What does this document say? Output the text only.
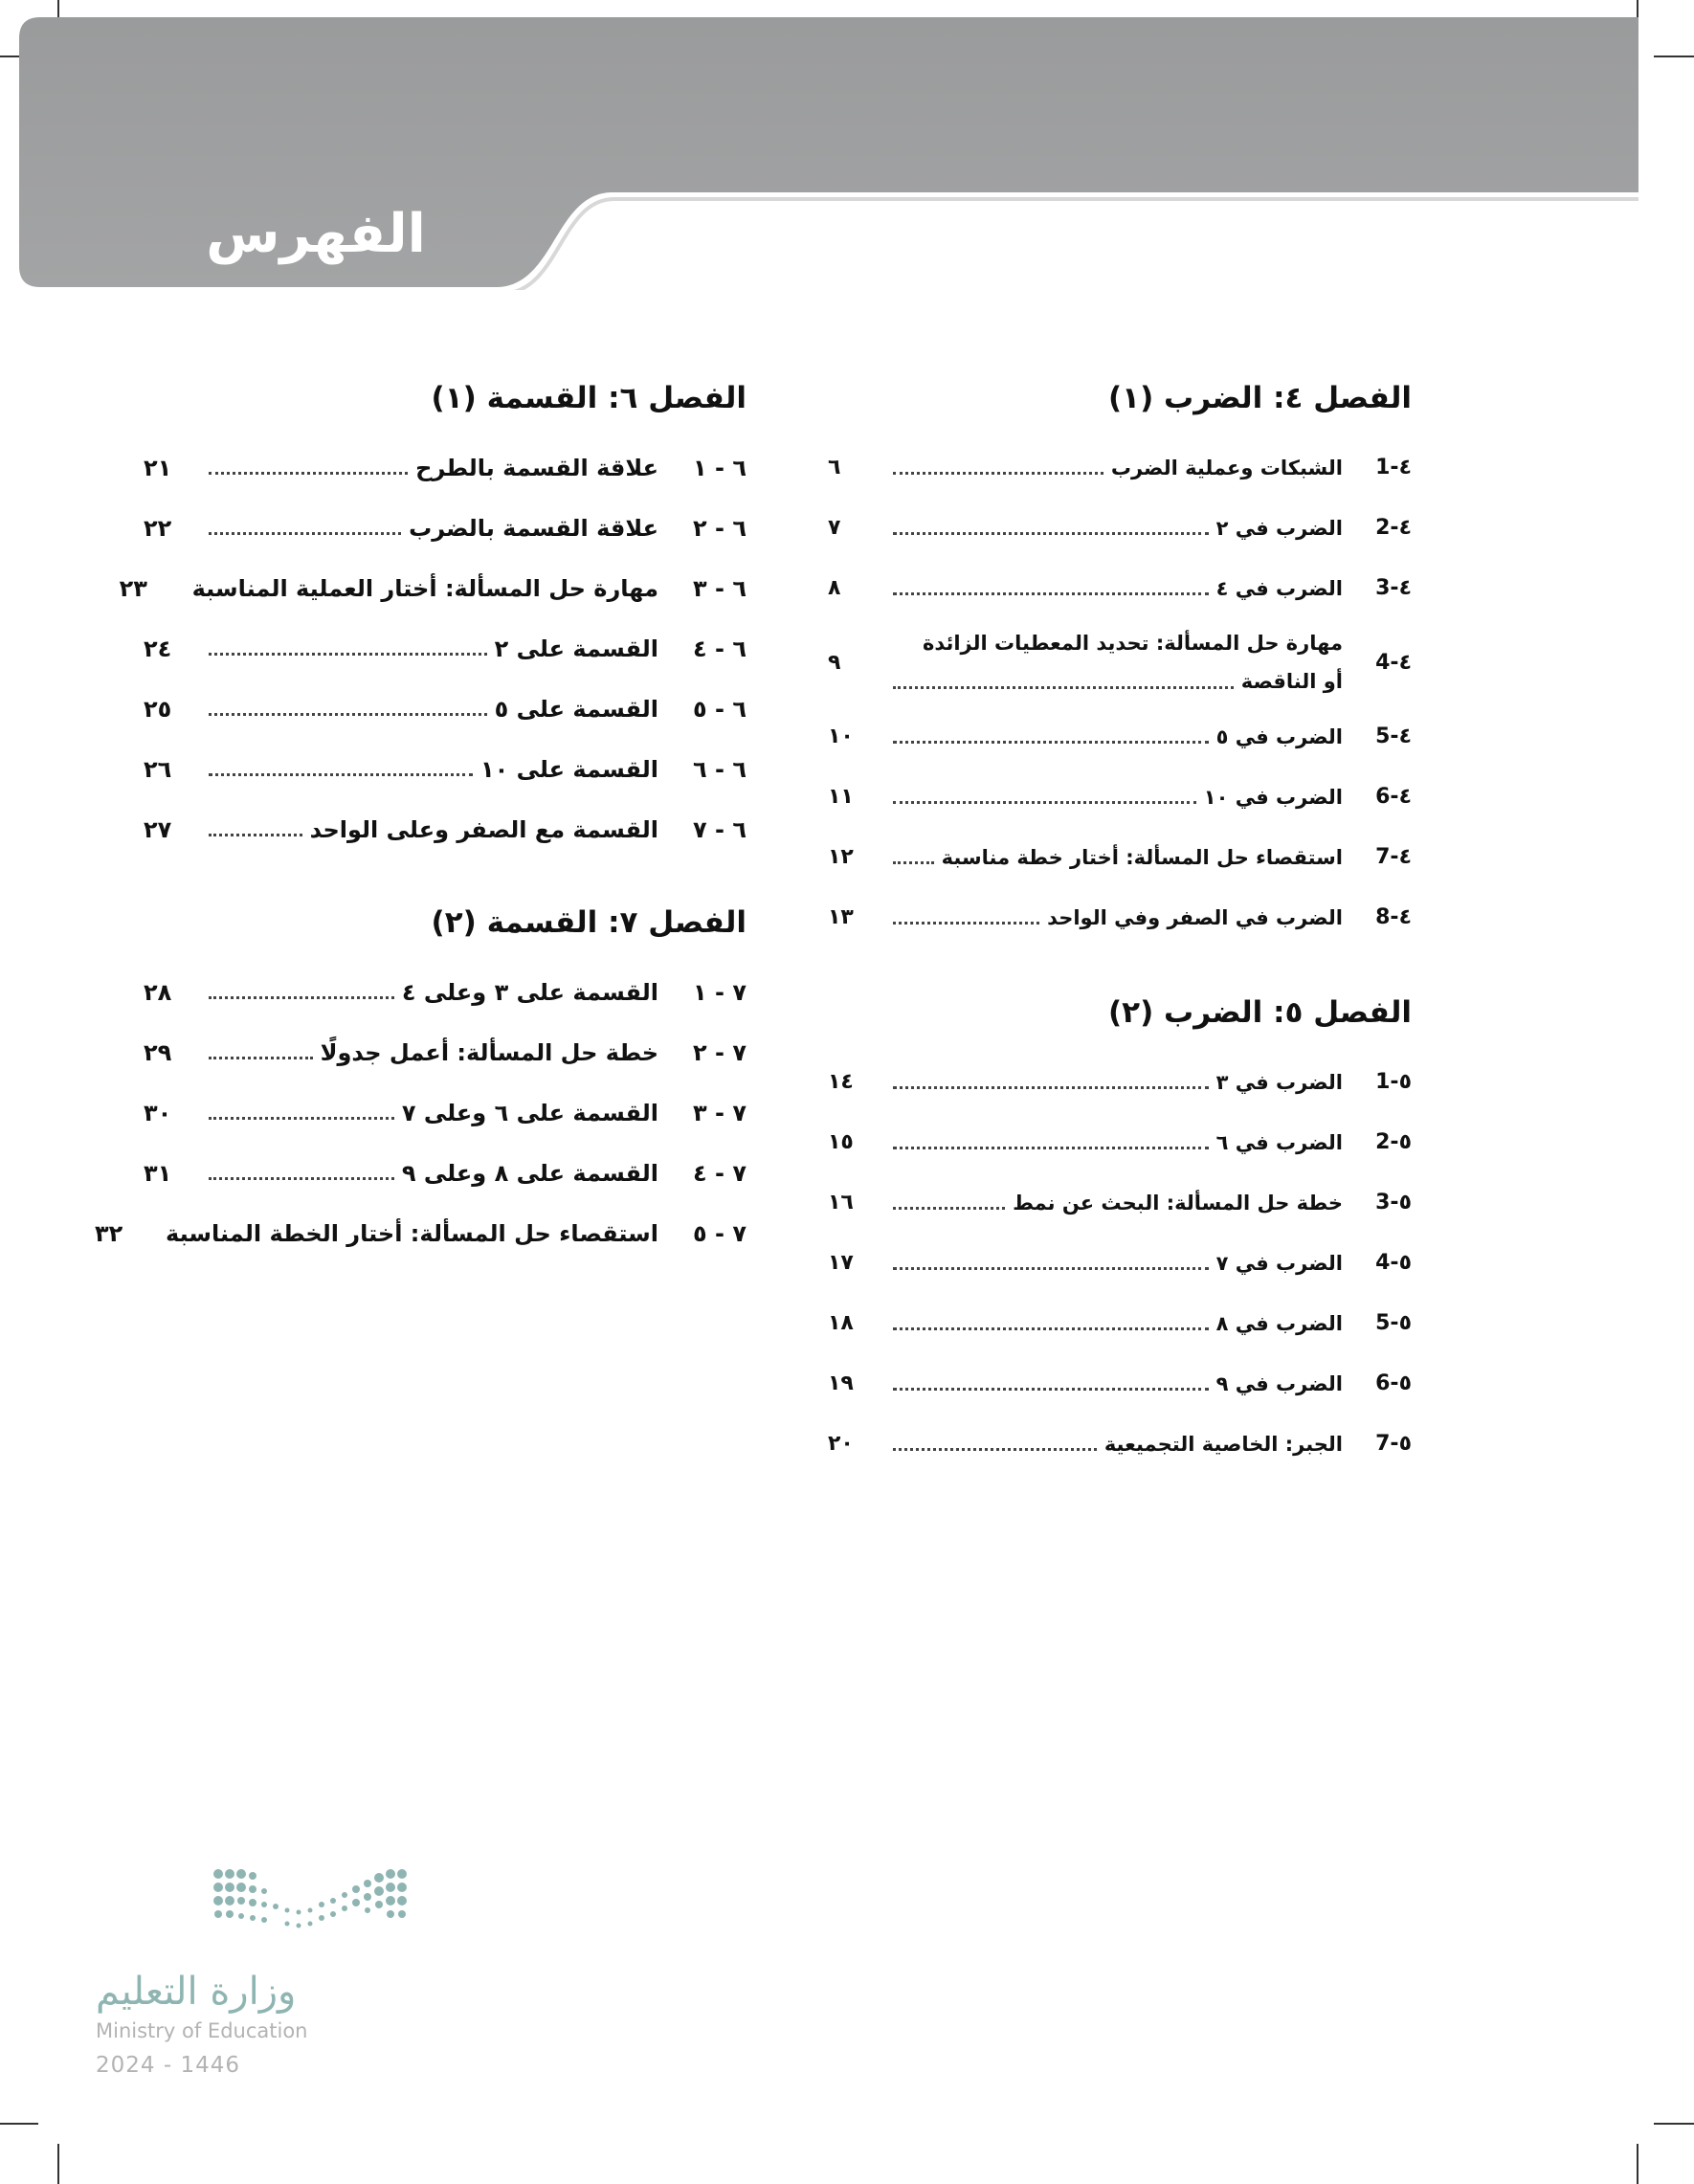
الفهرس
الفصل ٤: الضرب (١)
٤-1
الشبكات وعملية الضرب
٦
٤-2
الضرب في ٢
٧
٤-3
الضرب في ٤
٨
٤-4
مهارة حل المسألة: تحديد المعطيات الزائدة
أو الناقصة
٩
٤-5
الضرب في ٥
١٠
٤-6
الضرب في ١٠
١١
٤-7
استقصاء حل المسألة: أختار خطة مناسبة
١٢
٤-8
الضرب في الصفر وفي الواحد
١٣
الفصل ٥: الضرب (٢)
٥-1
الضرب في ٣
١٤
٥-2
الضرب في ٦
١٥
٥-3
خطة حل المسألة: البحث عن نمط
١٦
٥-4
الضرب في ٧
١٧
٥-5
الضرب في ٨
١٨
٥-6
الضرب في ٩
١٩
٥-7
الجبر: الخاصية التجميعية
٢٠
الفصل ٦: القسمة (١)
٦ - ١
علاقة القسمة بالطرح
٢١
٦ - ٢
علاقة القسمة بالضرب
٢٢
٦ - ٣
مهارة حل المسألة: أختار العملية المناسبة
٢٣
٦ - ٤
القسمة على ٢
٢٤
٦ - ٥
القسمة على ٥
٢٥
٦ - ٦
القسمة على ١٠
٢٦
٦ - ٧
القسمة مع الصفر وعلى الواحد
٢٧
الفصل ٧: القسمة (٢)
٧ - ١
القسمة على ٣ وعلى ٤
٢٨
٧ - ٢
خطة حل المسألة: أعمل جدولًا
٢٩
٧ - ٣
القسمة على ٦ وعلى ٧
٣٠
٧ - ٤
القسمة على ٨ وعلى ٩
٣١
٧ - ٥
استقصاء حل المسألة: أختار الخطة المناسبة
٣٢
وزارة التعليم
Ministry of Education
2024 - 1446
